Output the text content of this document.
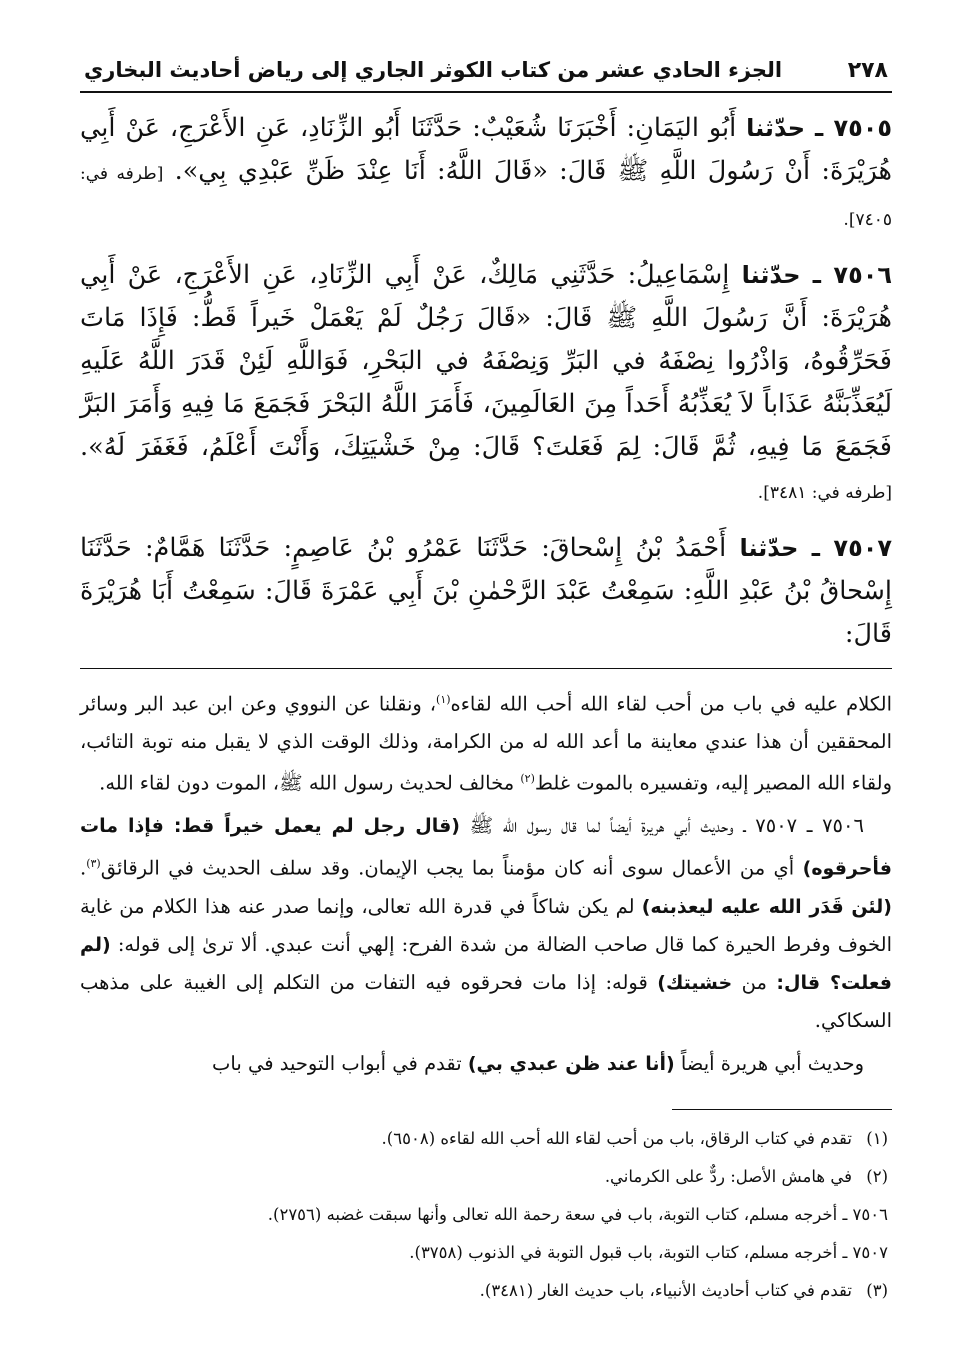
٢٧٨
الجزء الحادي عشر من كتاب الكوثر الجاري إلى رياض أحاديث البخاري

٧٥٠٥ ـ حدّثنا أَبُو اليَمَانِ: أَخْبَرَنَا شُعَيْبٌ: حَدَّثَنَا أَبُو الزِّنَادِ، عَنِ الأَعْرَجِ، عَنْ أَبِي هُرَيْرَةَ: أَنْ رَسُولَ اللَّهِ ﷺ قَالَ: «قَالَ اللَّهُ: أَنَا عِنْدَ ظَنِّ عَبْدِي بِي». [طرفه في: ٧٤٠٥].

٧٥٠٦ ـ حدّثنا إِسْمَاعِيلُ: حَدَّثَنِي مَالِكٌ، عَنْ أَبِي الزِّنَادِ، عَنِ الأَعْرَجِ، عَنْ أَبِي هُرَيْرَةَ: أَنَّ رَسُولَ اللَّهِ ﷺ قَالَ: «قَالَ رَجُلٌ لَمْ يَعْمَلْ خَيراً قَطُّ: فَإِذَا مَاتَ فَحَرِّقُوهُ، وَاذْرُوا نِصْفَهُ في البَرِّ وَنِصْفَهُ في البَحْرِ، فَوَاللَّهِ لَئِنْ قَدَرَ اللَّهُ عَلَيهِ لَيُعَذِّبَنَّهُ عَذَاباً لاَ يُعَذِّبُهُ أَحَداً مِنَ العَالَمِينَ، فَأَمَرَ اللَّهُ البَحْرَ فَجَمَعَ مَا فِيهِ وَأَمَرَ البَرَّ فَجَمَعَ مَا فِيهِ، ثُمَّ قَالَ: لِمَ فَعَلتَ؟ قَالَ: مِنْ خَشْيَتِكَ، وَأَنْتَ أَعْلَمُ، فَغَفَرَ لَهُ». [طرفه في: ٣٤٨١].

٧٥٠٧ ـ حدّثنا أَحْمَدُ بْنُ إِسْحاقَ: حَدَّثَنَا عَمْرُو بْنُ عَاصِمٍ: حَدَّثَنَا هَمَّامٌ: حَدَّثَنَا إِسْحاقُ بْنُ عَبْدِ اللَّهِ: سَمِعْتُ عَبْدَ الرَّحْمٰنِ بْنَ أَبِي عَمْرَةَ قَالَ: سَمِعْتُ أَبَا هُرَيْرَةَ قَالَ:

الكلام عليه في باب من أحب لقاء الله أحب الله لقاءه$^{(١)}$، ونقلنا عن النووي وعن ابن عبد البر وسائر المحققين أن هذا عندي معاينة ما أعد الله له من الكرامة، وذلك الوقت الذي لا يقبل منه توبة التائب، ولقاء الله المصير إليه، وتفسيره بالموت غلط$^{(٢)}$ مخالف لحديث رسول الله ﷺ، الموت دون لقاء الله.

٧٥٠٦ ـ ٧٥٠٧ ـ وحديث أبي هريرة أيضاً لما قال رسول الله ﷺ (قال رجل لم يعمل خيراً قط: فإذا مات فأحرقوه) أي من الأعمال سوى أنه كان مؤمناً بما يجب الإيمان. وقد سلف الحديث في الرقائق$^{(٣)}$. (لئن قَدَر الله عليه ليعذبنه) لم يكن شاكاً في قدرة الله تعالى، وإنما صدر عنه هذا الكلام من غاية الخوف وفرط الحيرة كما قال صاحب الضالة من شدة الفرح: إلهي أنت عبدي. ألا ترىٰ إلى قوله: (لم فعلت؟ قال: من خشيتك) قوله: إذا مات فحرقوه فيه التفات من التكلم إلى الغيبة على مذهب السكاكي.

وحديث أبي هريرة أيضاً (أنا عند ظن عبدي بي) تقدم في أبواب التوحيد في باب

(١)تقدم في كتاب الرقاق، باب من أحب لقاء الله أحب الله لقاءه (٦٥٠٨).
(٢)في هامش الأصل: ردٌّ على الكرماني.
٧٥٠٦ ـ أخرجه مسلم، كتاب التوبة، باب في سعة رحمة الله تعالى وأنها سبقت غضبه (٢٧٥٦).
٧٥٠٧ ـ أخرجه مسلم، كتاب التوبة، باب قبول التوبة في الذنوب (٣٧٥٨).
(٣)تقدم في كتاب أحاديث الأنبياء، باب حديث الغار (٣٤٨١).
